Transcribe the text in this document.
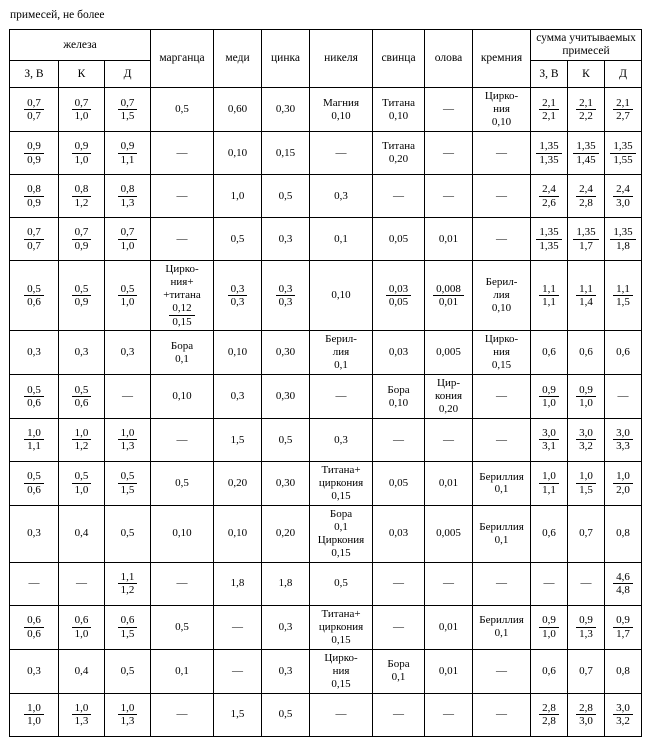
примесей, не более
железа			марганца	меди	цинка	никеля	свинца	олова	кремния	сумма учитываемых примесей		
З, В	К	Д								З, В	К	Д

$\frac{0,7}{0,7}$	$\frac{0,7}{1,0}$	$\frac{0,7}{1,5}$	0,5	0,60	0,30	Магния
0,10	Титана
0,10	—	Цирко-
ния
0,10	$\frac{2,1}{2,1}$	$\frac{2,1}{2,2}$	$\frac{2,1}{2,7}$

$\frac{0,9}{0,9}$	$\frac{0,9}{1,0}$	$\frac{0,9}{1,1}$	—	0,10	0,15	—	Титана
0,20	—	—	$\frac{1,35}{1,35}$	$\frac{1,35}{1,45}$	$\frac{1,35}{1,55}$

$\frac{0,8}{0,9}$	$\frac{0,8}{1,2}$	$\frac{0,8}{1,3}$	—	1,0	0,5	0,3	—	—	—	$\frac{2,4}{2,6}$	$\frac{2,4}{2,8}$	$\frac{2,4}{3,0}$

$\frac{0,7}{0,7}$	$\frac{0,7}{0,9}$	$\frac{0,7}{1,0}$	—	0,5	0,3	0,1	0,05	0,01	—	$\frac{1,35}{1,35}$	$\frac{1,35}{1,7}$	$\frac{1,35}{1,8}$

$\frac{0,5}{0,6}$	$\frac{0,5}{0,9}$	$\frac{0,5}{1,0}$	Цирко-
ния+
+титана
$\frac{0,12}{0,15}$	$\frac{0,3}{0,3}$	$\frac{0,3}{0,3}$	0,10	$\frac{0,03}{0,05}$	$\frac{0,008}{0,01}$	Берил-
лия
0,10	$\frac{1,1}{1,1}$	$\frac{1,1}{1,4}$	$\frac{1,1}{1,5}$

0,3	0,3	0,3	Бора
0,1	0,10	0,30	Берил-
лия
0,1	0,03	0,005	Цирко-
ния
0,15	0,6	0,6	0,6

$\frac{0,5}{0,6}$	$\frac{0,5}{0,6}$	—	0,10	0,3	0,30	—	Бора
0,10	Цир-
кония
0,20	—	$\frac{0,9}{1,0}$	$\frac{0,9}{1,0}$	—

$\frac{1,0}{1,1}$	$\frac{1,0}{1,2}$	$\frac{1,0}{1,3}$	—	1,5	0,5	0,3	—	—	—	$\frac{3,0}{3,1}$	$\frac{3,0}{3,2}$	$\frac{3,0}{3,3}$

$\frac{0,5}{0,6}$	$\frac{0,5}{1,0}$	$\frac{0,5}{1,5}$	0,5	0,20	0,30	Титана+
циркония
0,15	0,05	0,01	Бериллия
0,1	$\frac{1,0}{1,1}$	$\frac{1,0}{1,5}$	$\frac{1,0}{2,0}$

0,3	0,4	0,5	0,10	0,10	0,20	Бора
0,1
Циркония
0,15	0,03	0,005	Бериллия
0,1	0,6	0,7	0,8

—	—	$\frac{1,1}{1,2}$	—	1,8	1,8	0,5	—	—	—	—	—	$\frac{4,6}{4,8}$

$\frac{0,6}{0,6}$	$\frac{0,6}{1,0}$	$\frac{0,6}{1,5}$	0,5	—	0,3	Титана+
циркония
0,15	—	0,01	Бериллия
0,1	$\frac{0,9}{1,0}$	$\frac{0,9}{1,3}$	$\frac{0,9}{1,7}$

0,3	0,4	0,5	0,1	—	0,3	Цирко-
ния
0,15	Бора
0,1	0,01	—	0,6	0,7	0,8

$\frac{1,0}{1,0}$	$\frac{1,0}{1,3}$	$\frac{1,0}{1,3}$	—	1,5	0,5	—	—	—	—	$\frac{2,8}{2,8}$	$\frac{2,8}{3,0}$	$\frac{3,0}{3,2}$
